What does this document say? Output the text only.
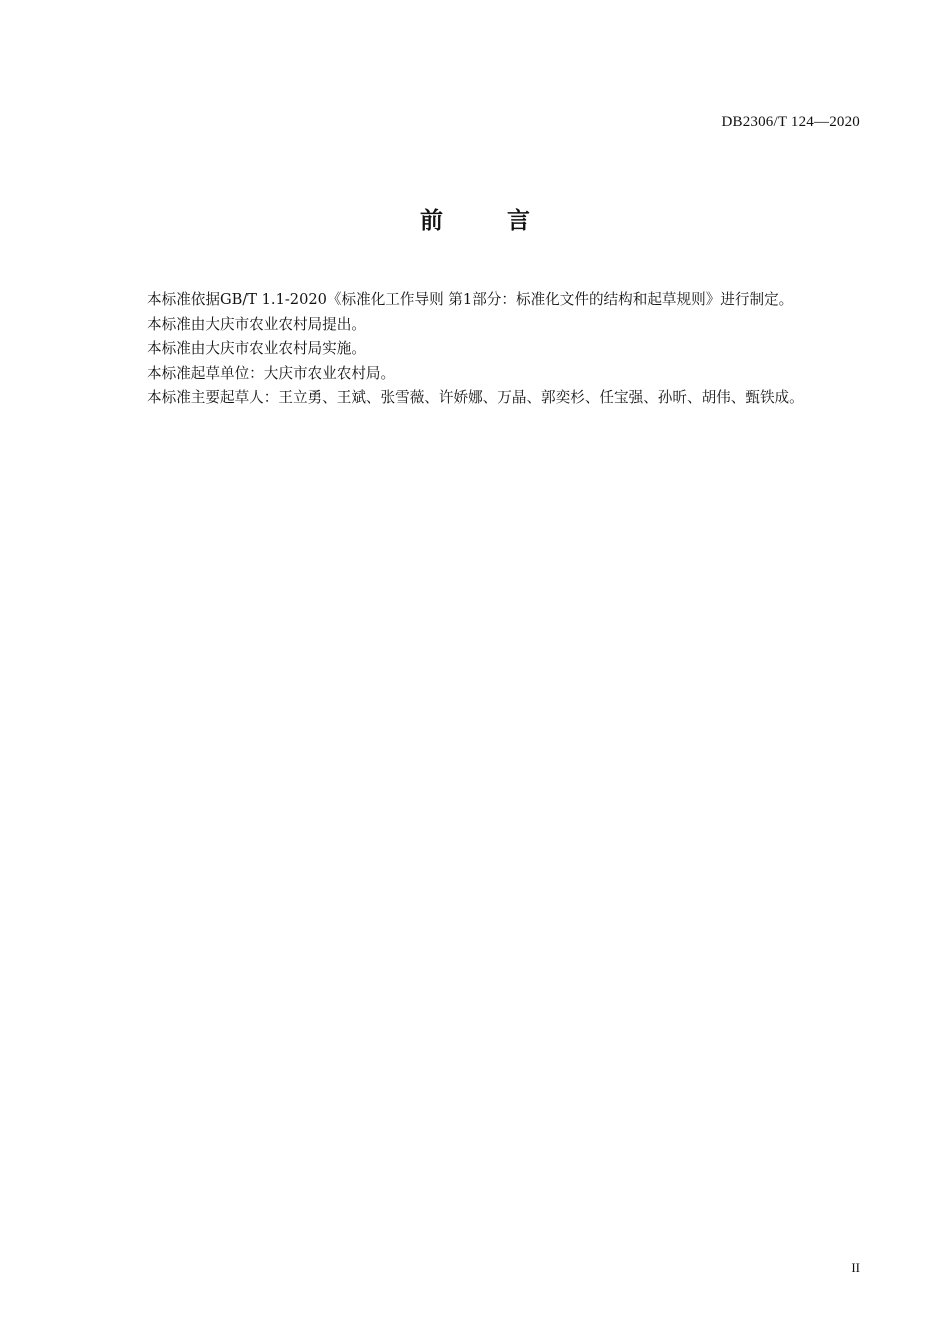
DB2306/T 124—2020
前言

本标准依据GB/T 1.1-2020《标准化工作导则 第1部分：标准化文件的结构和起草规则》进行制定。

本标准由大庆市农业农村局提出。

本标准由大庆市农业农村局实施。

本标准起草单位：大庆市农业农村局。

本标准主要起草人：王立勇、王斌、张雪薇、许娇娜、万晶、郭奕杉、任宝强、孙昕、胡伟、甄铁成。

II
